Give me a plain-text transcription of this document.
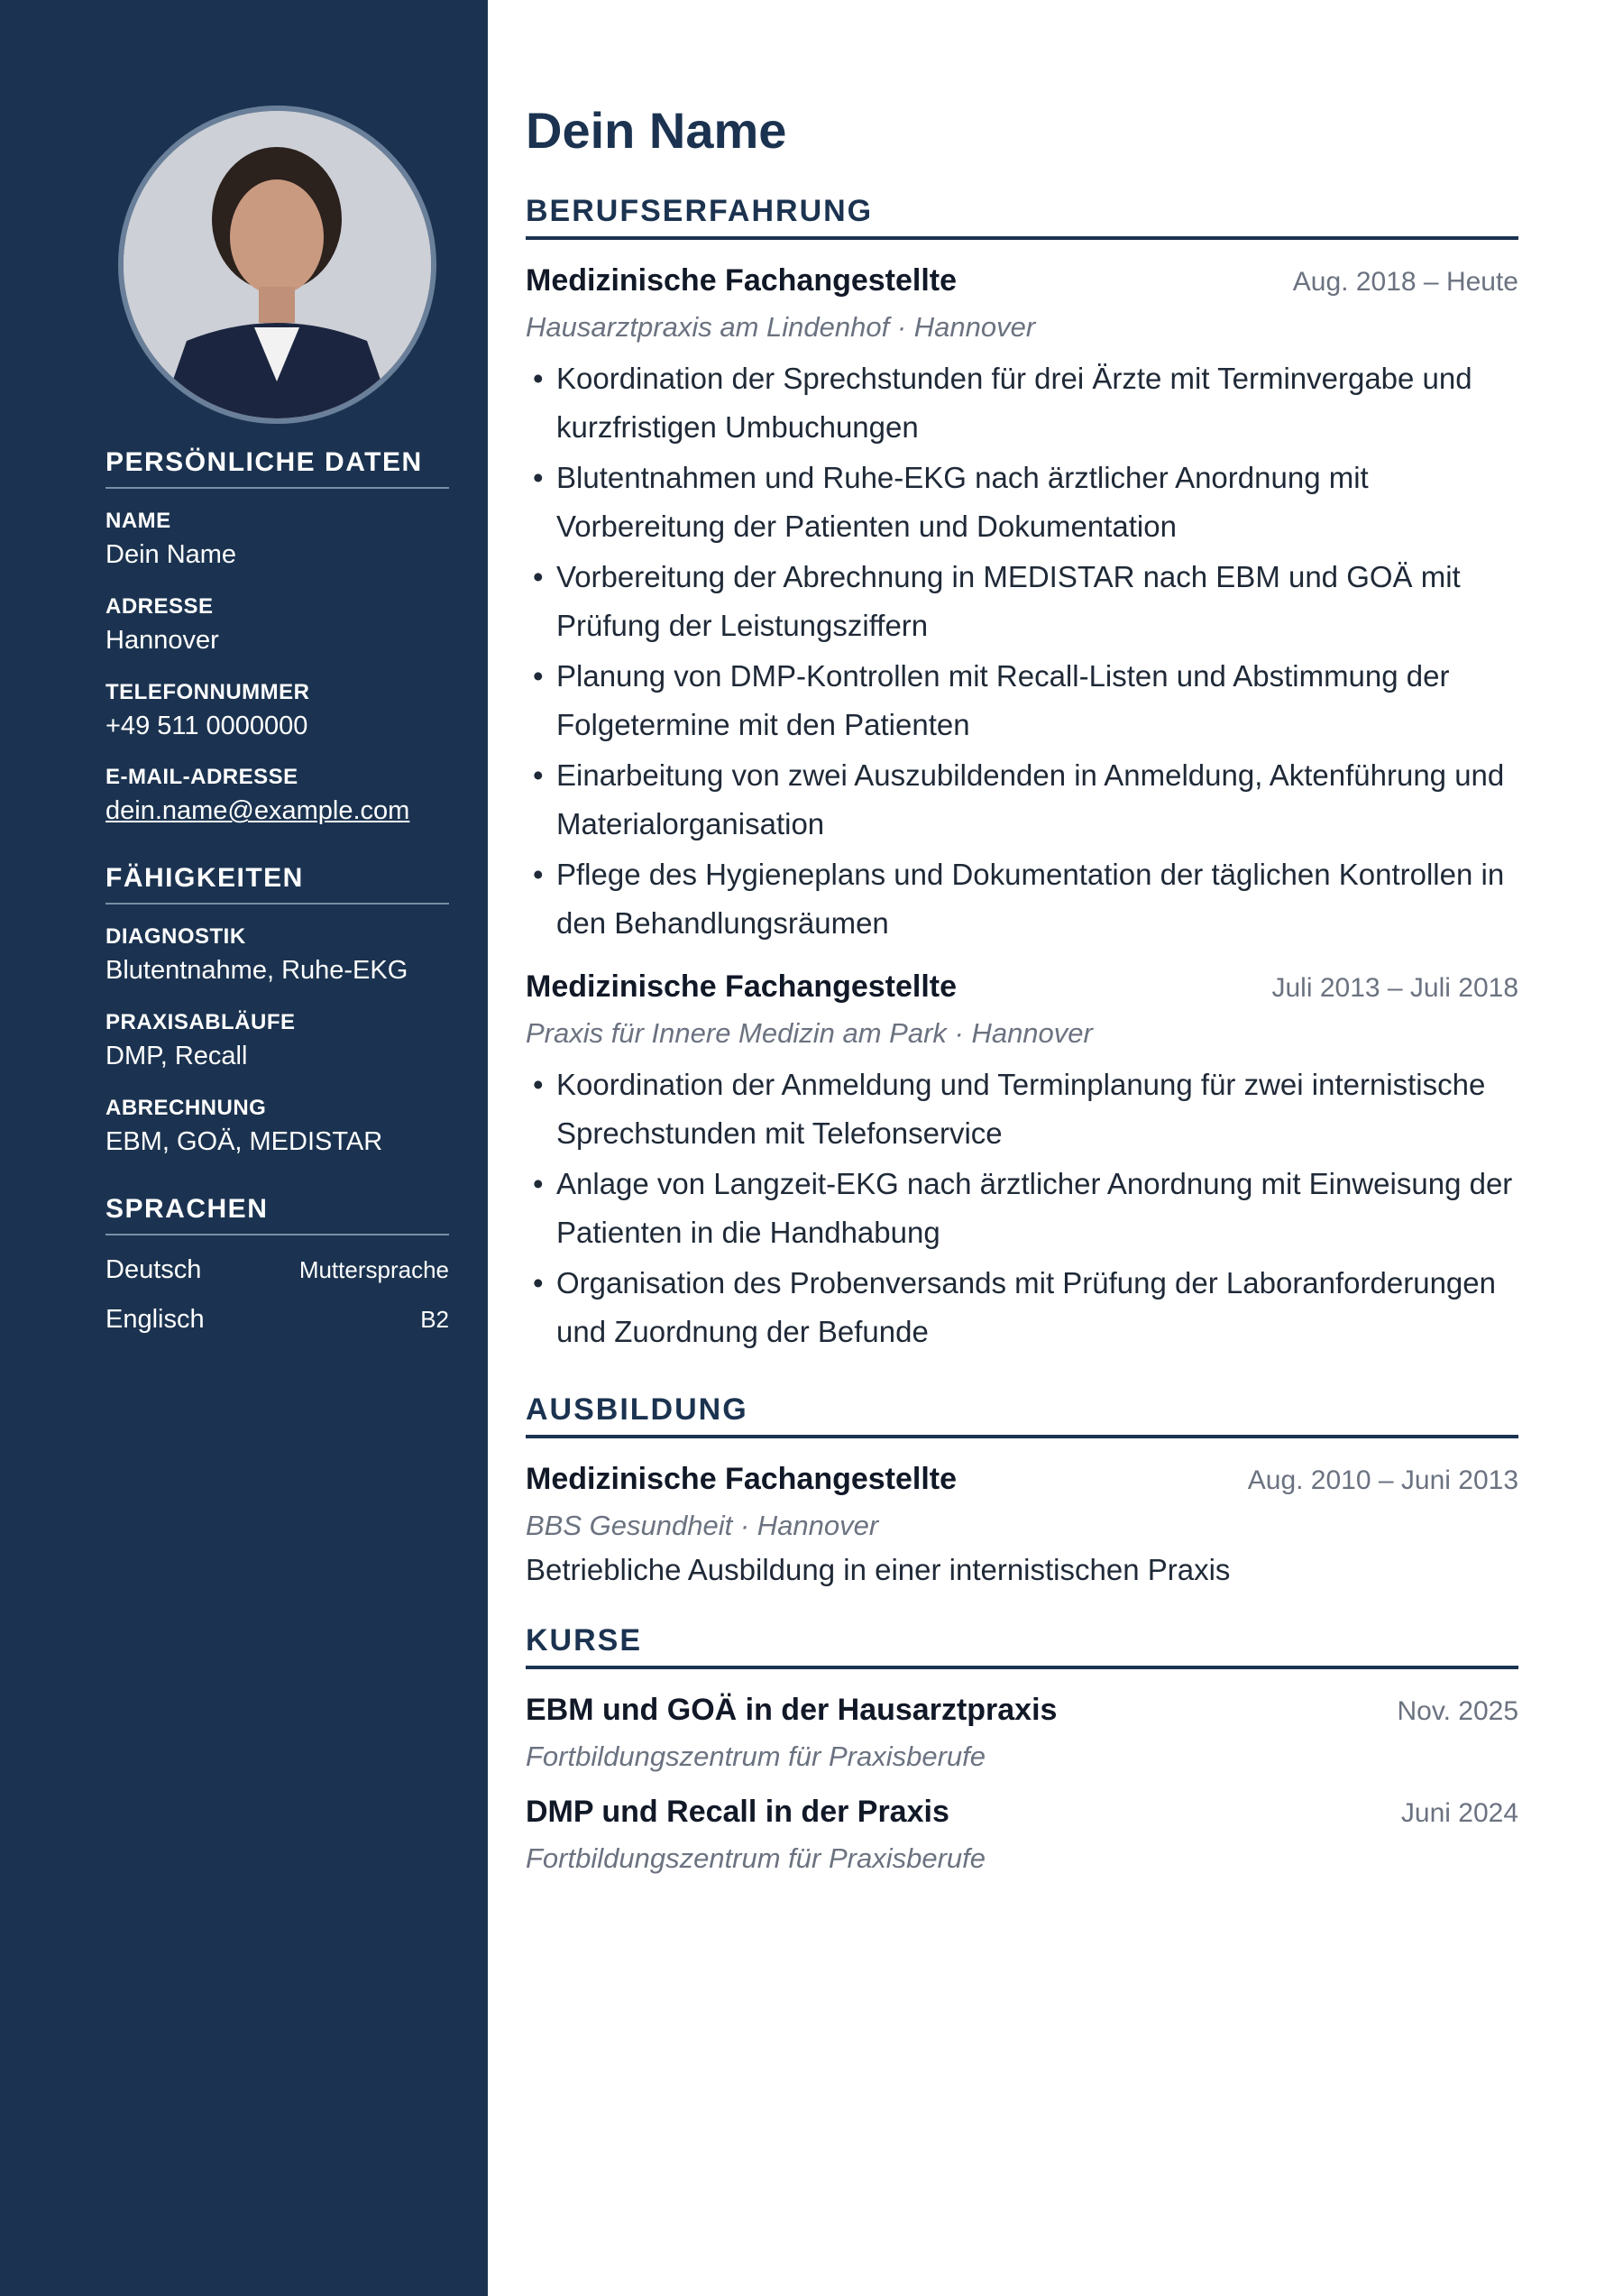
PERSÖNLICHE DATEN
NAME
Dein Name
ADRESSE
Hannover
TELEFONNUMMER
+49 511 0000000
E-MAIL-ADRESSE
dein.name@example.com
FÄHIGKEITEN
DIAGNOSTIK
Blutentnahme, Ruhe-EKG
PRAXISABLÄUFE
DMP, Recall
ABRECHNUNG
EBM, GOÄ, MEDISTAR
SPRACHEN
Deutsch	Muttersprache
Englisch	B2
Dein Name
BERUFSERFAHRUNG
Medizinische Fachangestellte	Aug. 2018 – Heute
Hausarztpraxis am Lindenhof · Hannover
• Koordination der Sprechstunden für drei Ärzte mit Terminvergabe und kurzfristigen Umbuchungen
• Blutentnahmen und Ruhe-EKG nach ärztlicher Anordnung mit Vorbereitung der Patienten und Dokumentation
• Vorbereitung der Abrechnung in MEDISTAR nach EBM und GOÄ mit Prüfung der Leistungsziffern
• Planung von DMP-Kontrollen mit Recall-Listen und Abstimmung der Folgetermine mit den Patienten
• Einarbeitung von zwei Auszubildenden in Anmeldung, Aktenführung und Materialorganisation
• Pflege des Hygieneplans und Dokumentation der täglichen Kontrollen in den Behandlungsräumen
Medizinische Fachangestellte	Juli 2013 – Juli 2018
Praxis für Innere Medizin am Park · Hannover
• Koordination der Anmeldung und Terminplanung für zwei internistische Sprechstunden mit Telefonservice
• Anlage von Langzeit-EKG nach ärztlicher Anordnung mit Einweisung der Patienten in die Handhabung
• Organisation des Probenversands mit Prüfung der Laboranforderungen und Zuordnung der Befunde
AUSBILDUNG
Medizinische Fachangestellte	Aug. 2010 – Juni 2013
BBS Gesundheit · Hannover
Betriebliche Ausbildung in einer internistischen Praxis
KURSE
EBM und GOÄ in der Hausarztpraxis	Nov. 2025
Fortbildungszentrum für Praxisberufe
DMP und Recall in der Praxis	Juni 2024
Fortbildungszentrum für Praxisberufe
